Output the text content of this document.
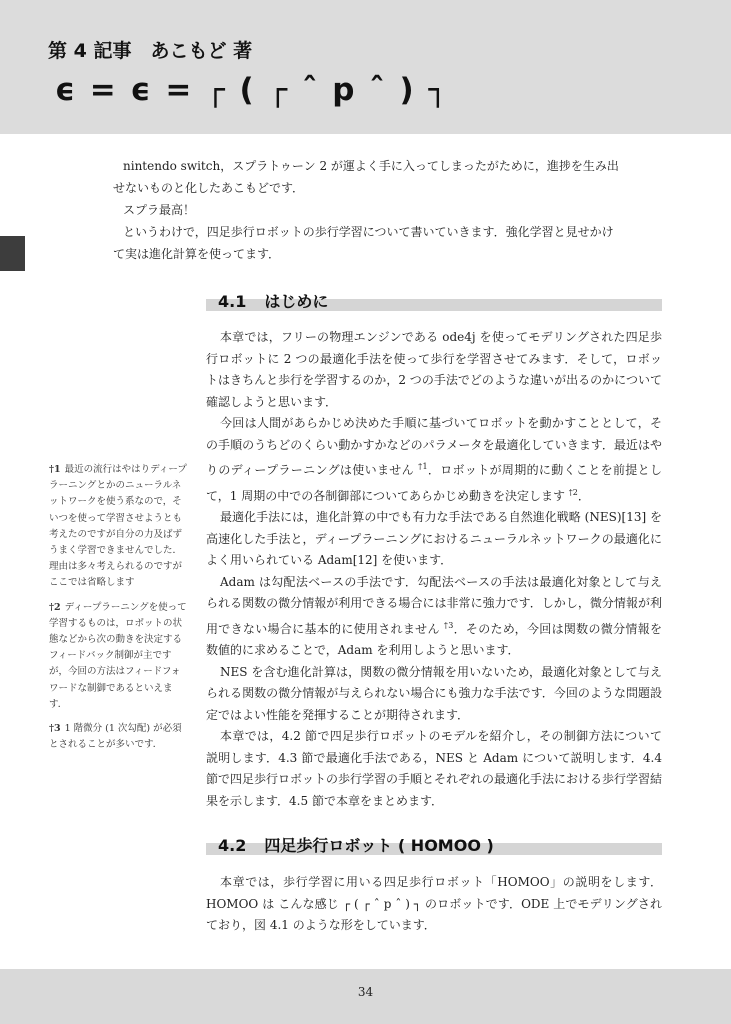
第 4 記事　あこもど 著
ϵ = ϵ = ┌ ( ┌ ˆ p ˆ ) ┐

nintendo switch，スプラトゥーン 2 が運よく手に入ってしまったがために，進捗を生み出せないものと化したあこもどです．

スプラ最高！

というわけで，四足歩行ロボットの歩行学習について書いていきます．強化学習と見せかけて実は進化計算を使ってます．

4.1 はじめに

本章では，フリーの物理エンジンである ode4j を使ってモデリングされた四足歩行ロボットに 2 つの最適化手法を使って歩行を学習させてみます．そして，ロボットはきちんと歩行を学習するのか，2 つの手法でどのような違いが出るのかについて確認しようと思います．

今回は人間があらかじめ決めた手順に基づいてロボットを動かすこととして，その手順のうちどのくらい動かすかなどのパラメータを最適化していきます．最近はやりのディープラーニングは使いません $^{\dagger 1}$．ロボットが周期的に動くことを前提として，1 周期の中での各制御部についてあらかじめ動きを決定します $^{\dagger 2}$．

最適化手法には，進化計算の中でも有力な手法である自然進化戦略 (NES)[13] を高速化した手法と，ディープラーニングにおけるニューラルネットワークの最適化によく用いられている Adam[12] を使います．

Adam は勾配法ベースの手法です．勾配法ベースの手法は最適化対象として与えられる関数の微分情報が利用できる場合には非常に強力です．しかし，微分情報が利用できない場合に基本的に使用されません $^{\dagger 3}$．そのため，今回は関数の微分情報を数値的に求めることで，Adam を利用しようと思います．

NES を含む進化計算は，関数の微分情報を用いないため，最適化対象として与えられる関数の微分情報が与えられない場合にも強力な手法です．今回のような問題設定ではよい性能を発揮することが期待されます．

本章では，4.2 節で四足歩行ロボットのモデルを紹介し，その制御方法について説明します．4.3 節で最適化手法である，NES と Adam について説明します．4.4 節で四足歩行ロボットの歩行学習の手順とそれぞれの最適化手法における歩行学習結果を示します．4.5 節で本章をまとめます．

†1 最近の流行はやはりディープラーニングとかのニューラルネットワークを使う系なので，そいつを使って学習させようとも考えたのですが自分の力及ばずうまく学習できませんでした．理由は多々考えられるのですがここでは省略します

†2 ディープラーニングを使って学習するものは，ロボットの状態などから次の動きを決定するフィードバック制御が主ですが，今回の方法はフィードフォワードな制御であるといえます．

†3 1 階微分 (1 次勾配) が必須とされることが多いです．

4.2 四足歩行ロボット ( HOMOO )

本章では，歩行学習に用いる四足歩行ロボット「HOMOO」の説明をします．HOMOO は こんな感じ ┌ ( ┌ ˆ p ˆ ) ┐ のロボットです．ODE 上でモデリングされており，図 4.1 のような形をしています．

34
